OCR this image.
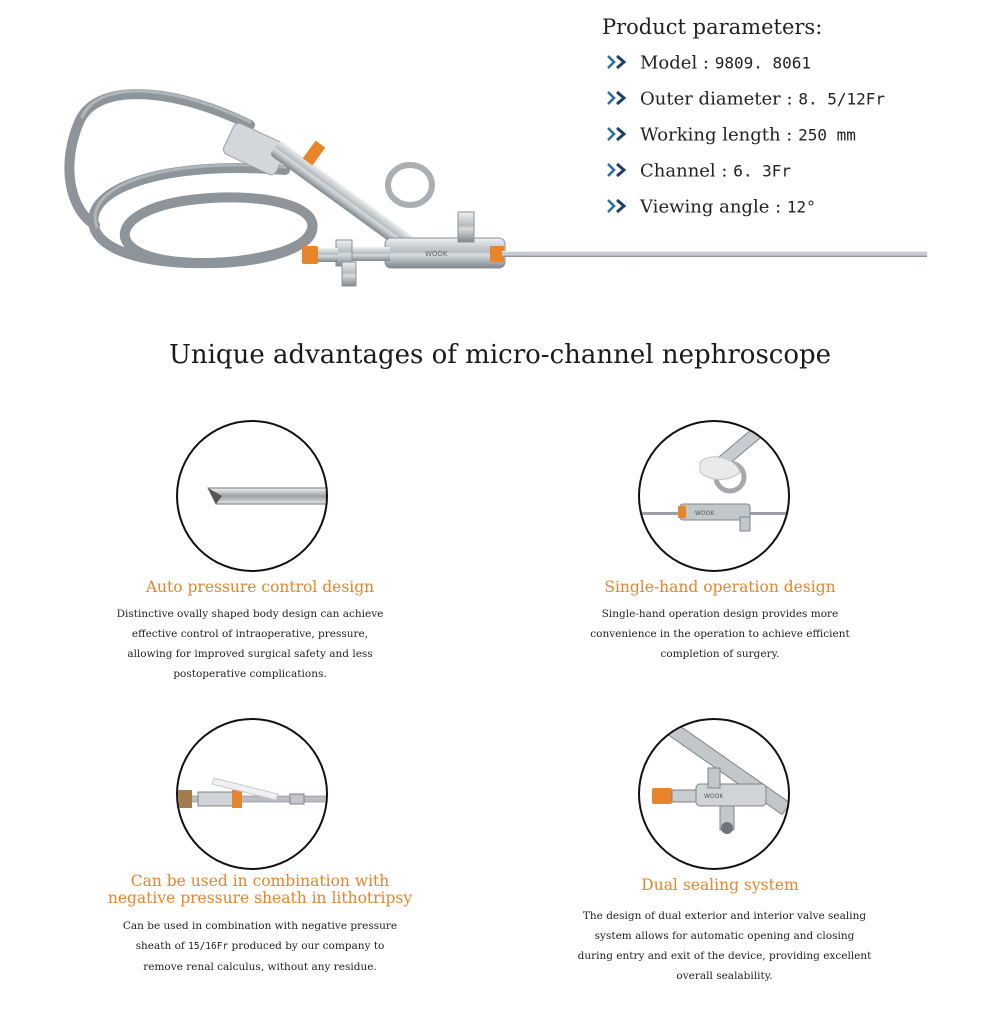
WOOK
Product parameters:
Model : 9809. 8061
Outer diameter : 8. 5/12Fr
Working length : 250 mm
Channel : 6. 3Fr
Viewing angle : 12°
Unique advantages of micro-channel nephroscope
Auto pressure control design
Distinctive ovally shaped body design can achieve effective control of intraoperative, pressure, allowing for improved surgical safety and less postoperative complications.
WOOK
Single-hand operation design
Single-hand operation design provides more convenience in the operation to achieve efficient completion of surgery.
Can be used in combination with
negative pressure sheath in lithotripsy
Can be used in combination with negative pressure sheath of 15/16Fr produced by our company to remove renal calculus, without any residue.
WOOK
Dual sealing system
The design of dual exterior and interior valve sealing system allows for automatic opening and closing during entry and exit of the device, providing excellent overall sealability.
